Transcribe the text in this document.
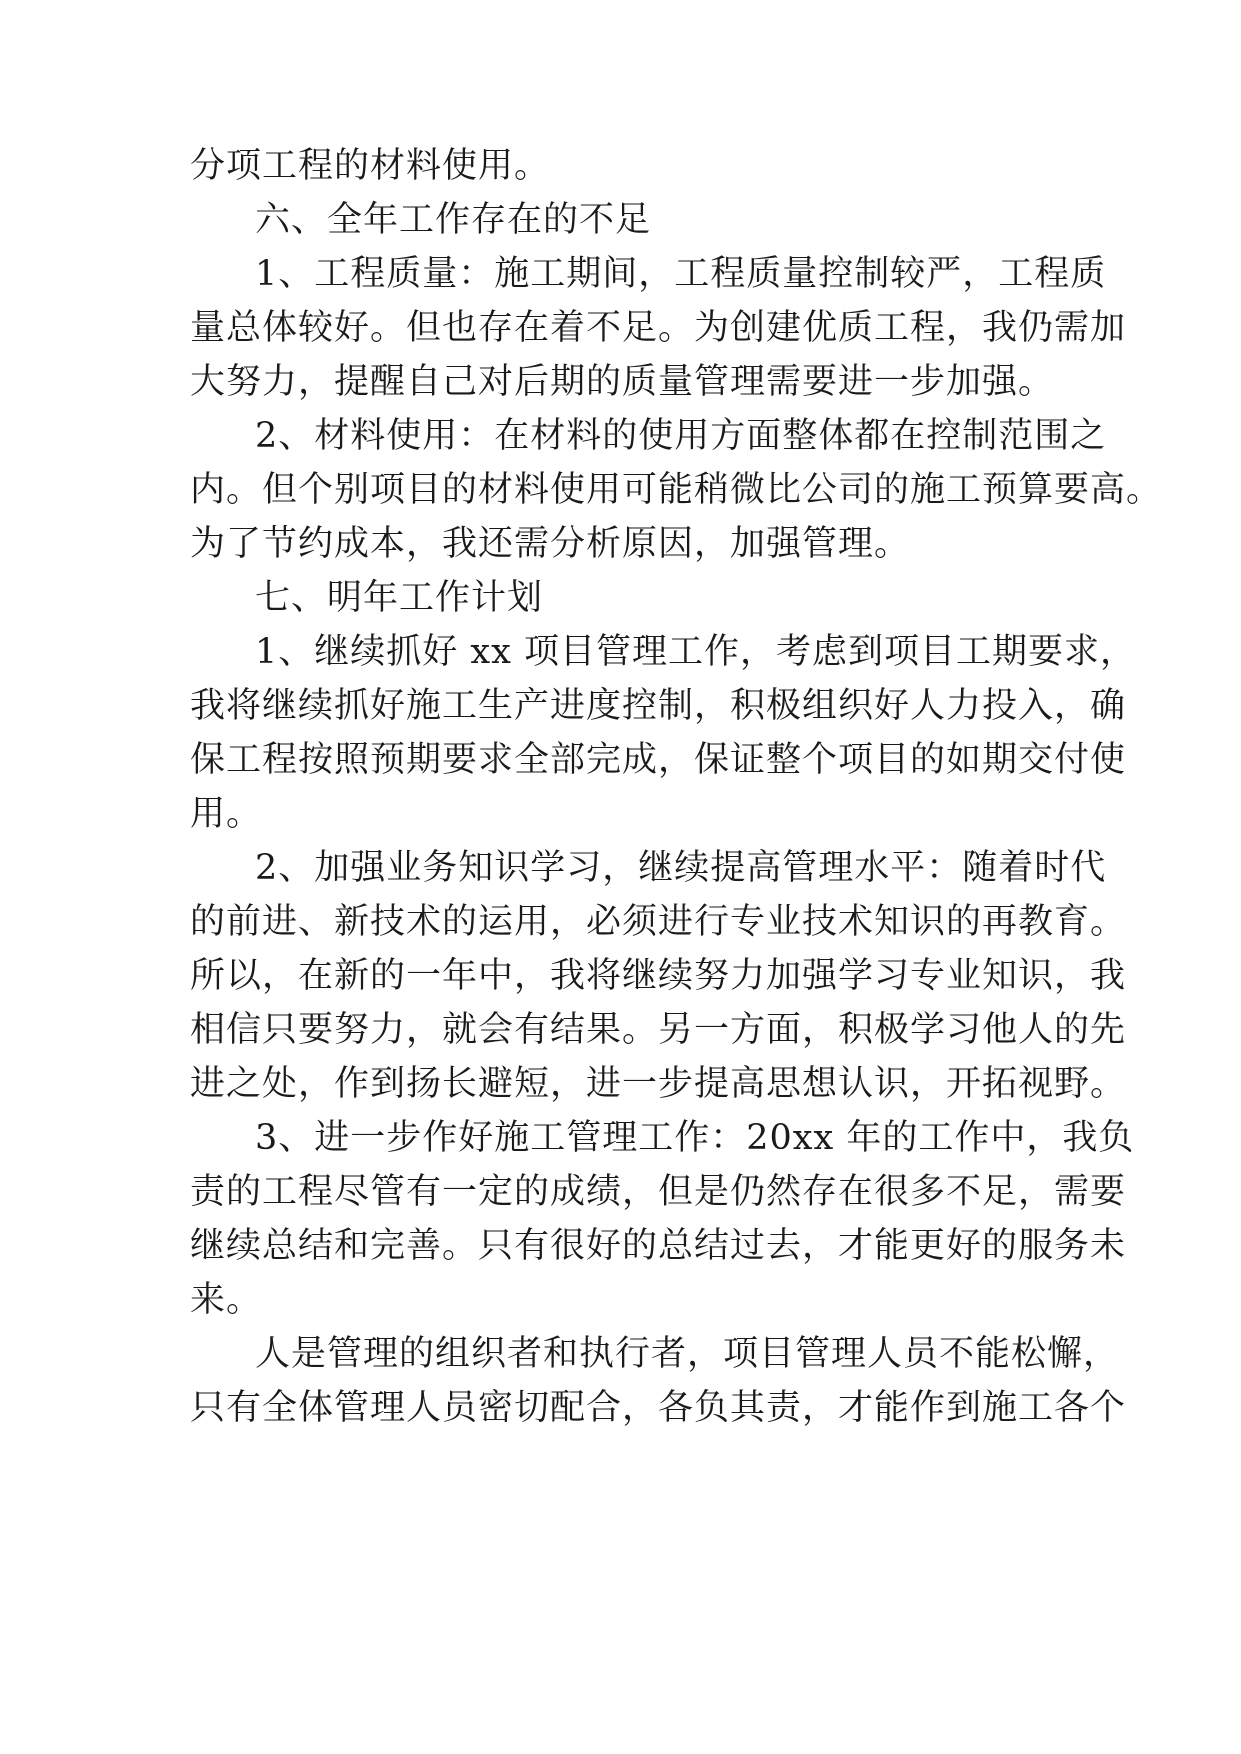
分项工程的材料使用。
六、全年工作存在的不足
1、工程质量：施工期间，工程质量控制较严，工程质
量总体较好。但也存在着不足。为创建优质工程，我仍需加
大努力，提醒自己对后期的质量管理需要进一步加强。
2、材料使用：在材料的使用方面整体都在控制范围之
内。但个别项目的材料使用可能稍微比公司的施工预算要高。
为了节约成本，我还需分析原因，加强管理。
七、明年工作计划
1、继续抓好 xx 项目管理工作，考虑到项目工期要求，
我将继续抓好施工生产进度控制，积极组织好人力投入，确
保工程按照预期要求全部完成，保证整个项目的如期交付使
用。
2、加强业务知识学习，继续提高管理水平：随着时代
的前进、新技术的运用，必须进行专业技术知识的再教育。
所以，在新的一年中，我将继续努力加强学习专业知识，我
相信只要努力，就会有结果。另一方面，积极学习他人的先
进之处，作到扬长避短，进一步提高思想认识，开拓视野。
3、进一步作好施工管理工作：20xx 年的工作中，我负
责的工程尽管有一定的成绩，但是仍然存在很多不足，需要
继续总结和完善。只有很好的总结过去，才能更好的服务未
来。
人是管理的组织者和执行者，项目管理人员不能松懈，
只有全体管理人员密切配合，各负其责，才能作到施工各个
